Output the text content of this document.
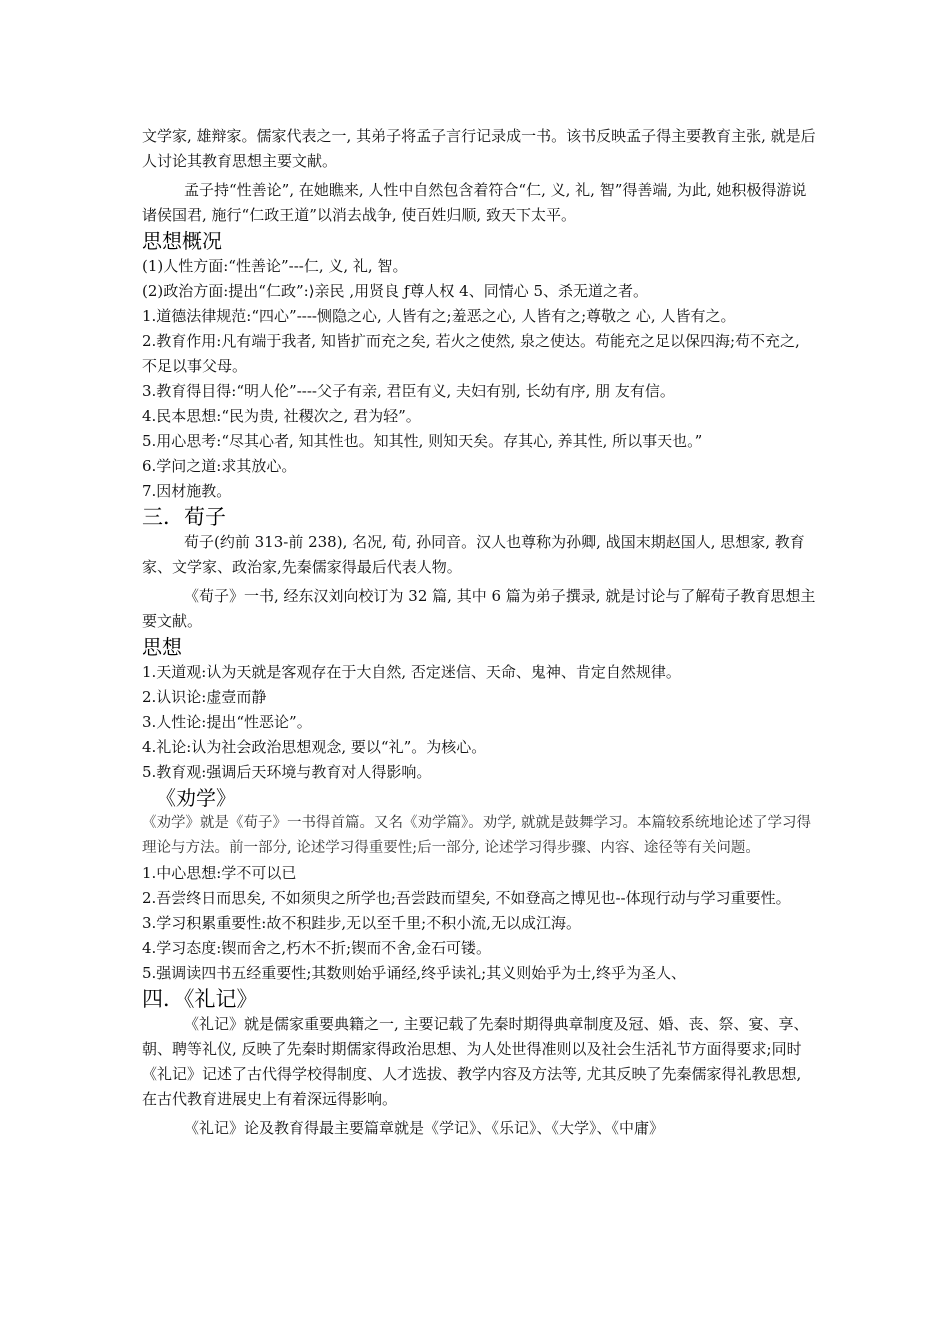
文学家, 雄辩家。儒家代表之一, 其弟子将孟子言行记录成一书。该书反映孟子得主要教育主张, 就是后人讨论其教育思想主要文献。

孟子持“性善论”, 在她瞧来, 人性中自然包含着符合“仁, 义, 礼, 智”得善端, 为此, 她积极得游说诸侯国君, 施行“仁政王道”以消去战争, 使百姓归顺, 致天下太平。

思想概况

(1)人性方面:“性善论”---仁, 义, 礼, 智。

(2)政治方面:提出“仁政”:⟩亲民 ,用贤良 ƒ尊人权 4、同情心 5、杀无道之者。

1.道德法律规范:“四心”----恻隐之心, 人皆有之;羞恶之心, 人皆有之;尊敬之 心, 人皆有之。

2.教育作用:凡有端于我者, 知皆扩而充之矣, 若火之使然, 泉之使达。苟能充之足以保四海;苟不充之, 不足以事父母。

3.教育得目得:“明人伦”----父子有亲, 君臣有义, 夫妇有别, 长幼有序, 朋 友有信。

4.民本思想:“民为贵, 社稷次之, 君为轻”。

5.用心思考:“尽其心者, 知其性也。知其性, 则知天矣。存其心, 养其性, 所以事天也。”

6.学问之道:求其放心。

7.因材施教。

三．荀子

荀子(约前 313-前 238), 名况, 荀, 孙同音。汉人也尊称为孙卿, 战国末期赵国人, 思想家, 教育家、文学家、政治家,先秦儒家得最后代表人物。

《荀子》一书, 经东汉刘向校订为 32 篇, 其中 6 篇为弟子撰录, 就是讨论与了解荀子教育思想主要文献。

思想

1.天道观:认为天就是客观存在于大自然, 否定迷信、天命、鬼神、肯定自然规律。

2.认识论:虚壹而静

3.人性论:提出“性恶论”。

4.礼论:认为社会政治思想观念, 要以“礼”。为核心。

5.教育观:强调后天环境与教育对人得影响。

《劝学》

《劝学》就是《荀子》一书得首篇。又名《劝学篇》。劝学, 就就是鼓舞学习。本篇较系统地论述了学习得理论与方法。前一部分, 论述学习得重要性;后一部分, 论述学习得步骤、内容、途径等有关问题。

1.中心思想:学不可以已

2.吾尝终日而思矣, 不如须臾之所学也;吾尝跂而望矣, 不如登高之博见也--体现行动与学习重要性。

3.学习积累重要性:故不积跬步,无以至千里;不积小流,无以成江海。

4.学习态度:锲而舍之,朽木不折;锲而不舍,金石可镂。

5.强调读四书五经重要性;其数则始乎诵经,终乎读礼;其义则始乎为士,终乎为圣人、

四．《礼记》

《礼记》就是儒家重要典籍之一, 主要记载了先秦时期得典章制度及冠、婚、丧、祭、宴、享、朝、聘等礼仪, 反映了先秦时期儒家得政治思想、为人处世得准则以及社会生活礼节方面得要求;同时《礼记》记述了古代得学校得制度、人才选拔、教学内容及方法等, 尤其反映了先秦儒家得礼教思想, 在古代教育进展史上有着深远得影响。

《礼记》论及教育得最主要篇章就是《学记》、《乐记》、《大学》、《中庸》
